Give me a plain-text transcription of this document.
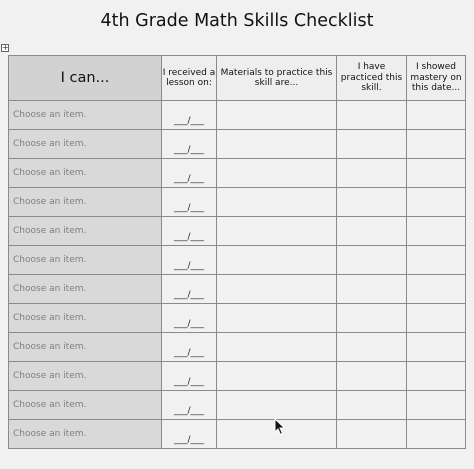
4th Grade Math Skills Checklist
+
I can...	I received a lesson on:	Materials to practice this skill are...	I have practiced this skill.	I showed mastery on this date...
Choose an item.	___/___			
Choose an item.	___/___			
Choose an item.	___/___			
Choose an item.	___/___			
Choose an item.	___/___			
Choose an item.	___/___			
Choose an item.	___/___			
Choose an item.	___/___			
Choose an item.	___/___			
Choose an item.	___/___			
Choose an item.	___/___			
Choose an item.	___/___			
